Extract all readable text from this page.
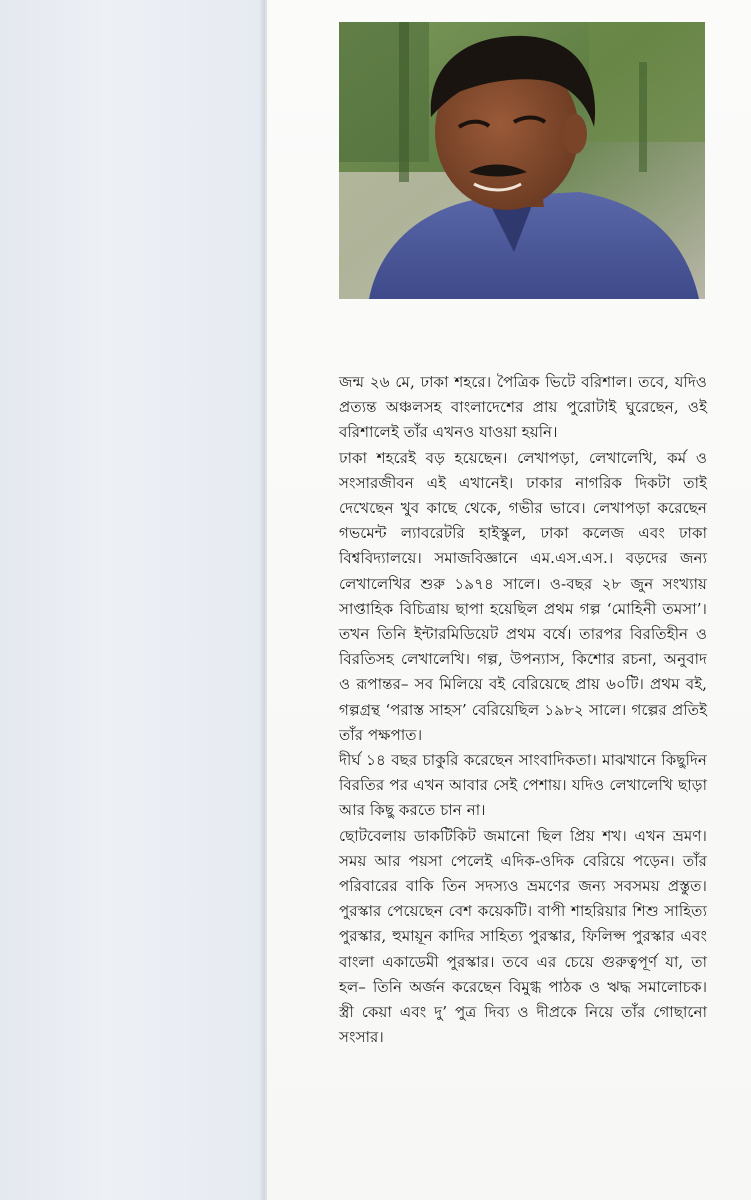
জন্ম ২৬ মে, ঢাকা শহরে। পৈত্রিক ভিটে বরিশাল। তবে, যদিও প্রত্যন্ত অঞ্চলসহ বাংলাদেশের প্রায় পুরোটাই ঘুরেছেন, ওই বরিশালেই তাঁর এখনও যাওয়া হয়নি।

ঢাকা শহরেই বড় হয়েছেন। লেখাপড়া, লেখালেখি, কর্ম ও সংসারজীবন এই এখানেই। ঢাকার নাগরিক দিকটা তাই দেখেছেন খুব কাছে থেকে, গভীর ভাবে। লেখাপড়া করেছেন গভমেন্ট ল্যাবরেটরি হাইস্কুল, ঢাকা কলেজ এবং ঢাকা বিশ্ববিদ্যালয়ে। সমাজবিজ্ঞানে এম.এস.এস.। বড়দের জন্য লেখালেখির শুরু ১৯৭৪ সালে। ও-বছর ২৮ জুন সংখ্যায় সাপ্তাহিক বিচিত্রায় ছাপা হয়েছিল প্রথম গল্প ‘মোহিনী তমসা’। তখন তিনি ইন্টারমিডিয়েট প্রথম বর্ষে। তারপর বিরতিহীন ও বিরতিসহ লেখালেখি। গল্প, উপন্যাস, কিশোর রচনা, অনুবাদ ও রূপান্তর– সব মিলিয়ে বই বেরিয়েছে প্রায় ৬০টি। প্রথম বই, গল্পগ্রন্থ ‘পরাস্ত সাহস’ বেরিয়েছিল ১৯৮২ সালে। গল্পের প্রতিই তাঁর পক্ষপাত।

দীর্ঘ ১৪ বছর চাকুরি করেছেন সাংবাদিকতা। মাঝখানে কিছুদিন বিরতির পর এখন আবার সেই পেশায়। যদিও লেখালেখি ছাড়া আর কিছু করতে চান না।

ছোটবেলায় ডাকটিকিট জমানো ছিল প্রিয় শখ। এখন ভ্রমণ। সময় আর পয়সা পেলেই এদিক-ওদিক বেরিয়ে পড়েন। তাঁর পরিবারের বাকি তিন সদস্যও ভ্রমণের জন্য সবসময় প্রস্তুত। পুরস্কার পেয়েছেন বেশ কয়েকটি। বাপী শাহরিয়ার শিশু সাহিত্য পুরস্কার, হুমায়ূন কাদির সাহিত্য পুরস্কার, ফিলিপ্স পুরস্কার এবং বাংলা একাডেমী পুরস্কার। তবে এর চেয়ে গুরুত্বপূর্ণ যা, তা হল– তিনি অর্জন করেছেন বিমুগ্ধ পাঠক ও ঋদ্ধ সমালোচক। স্ত্রী কেয়া এবং দু’ পুত্র দিব্য ও দীপ্রকে নিয়ে তাঁর গোছানো সংসার।
